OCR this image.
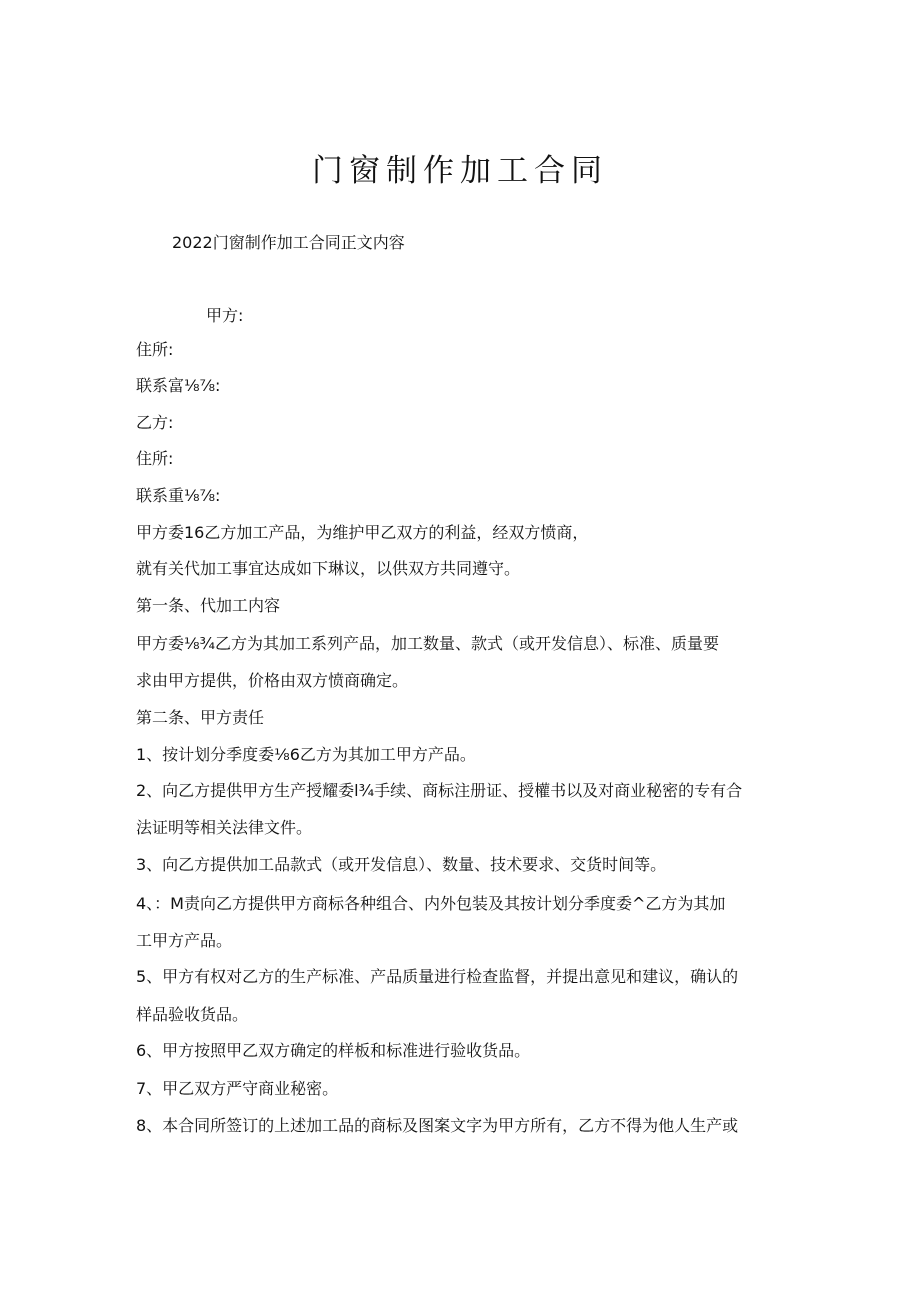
门窗制作加工合同

2022门窗制作加工合同正文内容

甲方:

住所:
联系富⅛⅞:
乙方:
住所:
联系重⅛⅞:
甲方委16乙方加工产品，为维护甲乙双方的利益，经双方愤商，
就有关代加工事宜达成如下琳议，以供双方共同遵守。
第一条、代加工内容
甲方委⅛¾乙方为其加工系列产品，加工数量、款式（或开发信息）、标准、质量要
求由甲方提供，价格由双方愤商确定。
第二条、甲方责任
1、按计划分季度委⅛6乙方为其加工甲方产品。
2、向乙方提供甲方生产授耀委l¾手续、商标注册证、授權书以及对商业秘密的专有合
法证明等相关法律文件。
3、向乙方提供加工品款式（或开发信息）、数量、技术要求、交货时间等。
4、：M责向乙方提供甲方商标各种组合、内外包装及其按计划分季度委^乙方为其加
工甲方产品。
5、甲方有权对乙方的生产标准、产品质量进行检查监督，并提出意见和建议，确认的
样品验收货品。
6、甲方按照甲乙双方确定的样板和标准进行验收货品。
7、甲乙双方严守商业秘密。
8、本合同所签订的上述加工品的商标及图案文字为甲方所有，乙方不得为他人生产或
